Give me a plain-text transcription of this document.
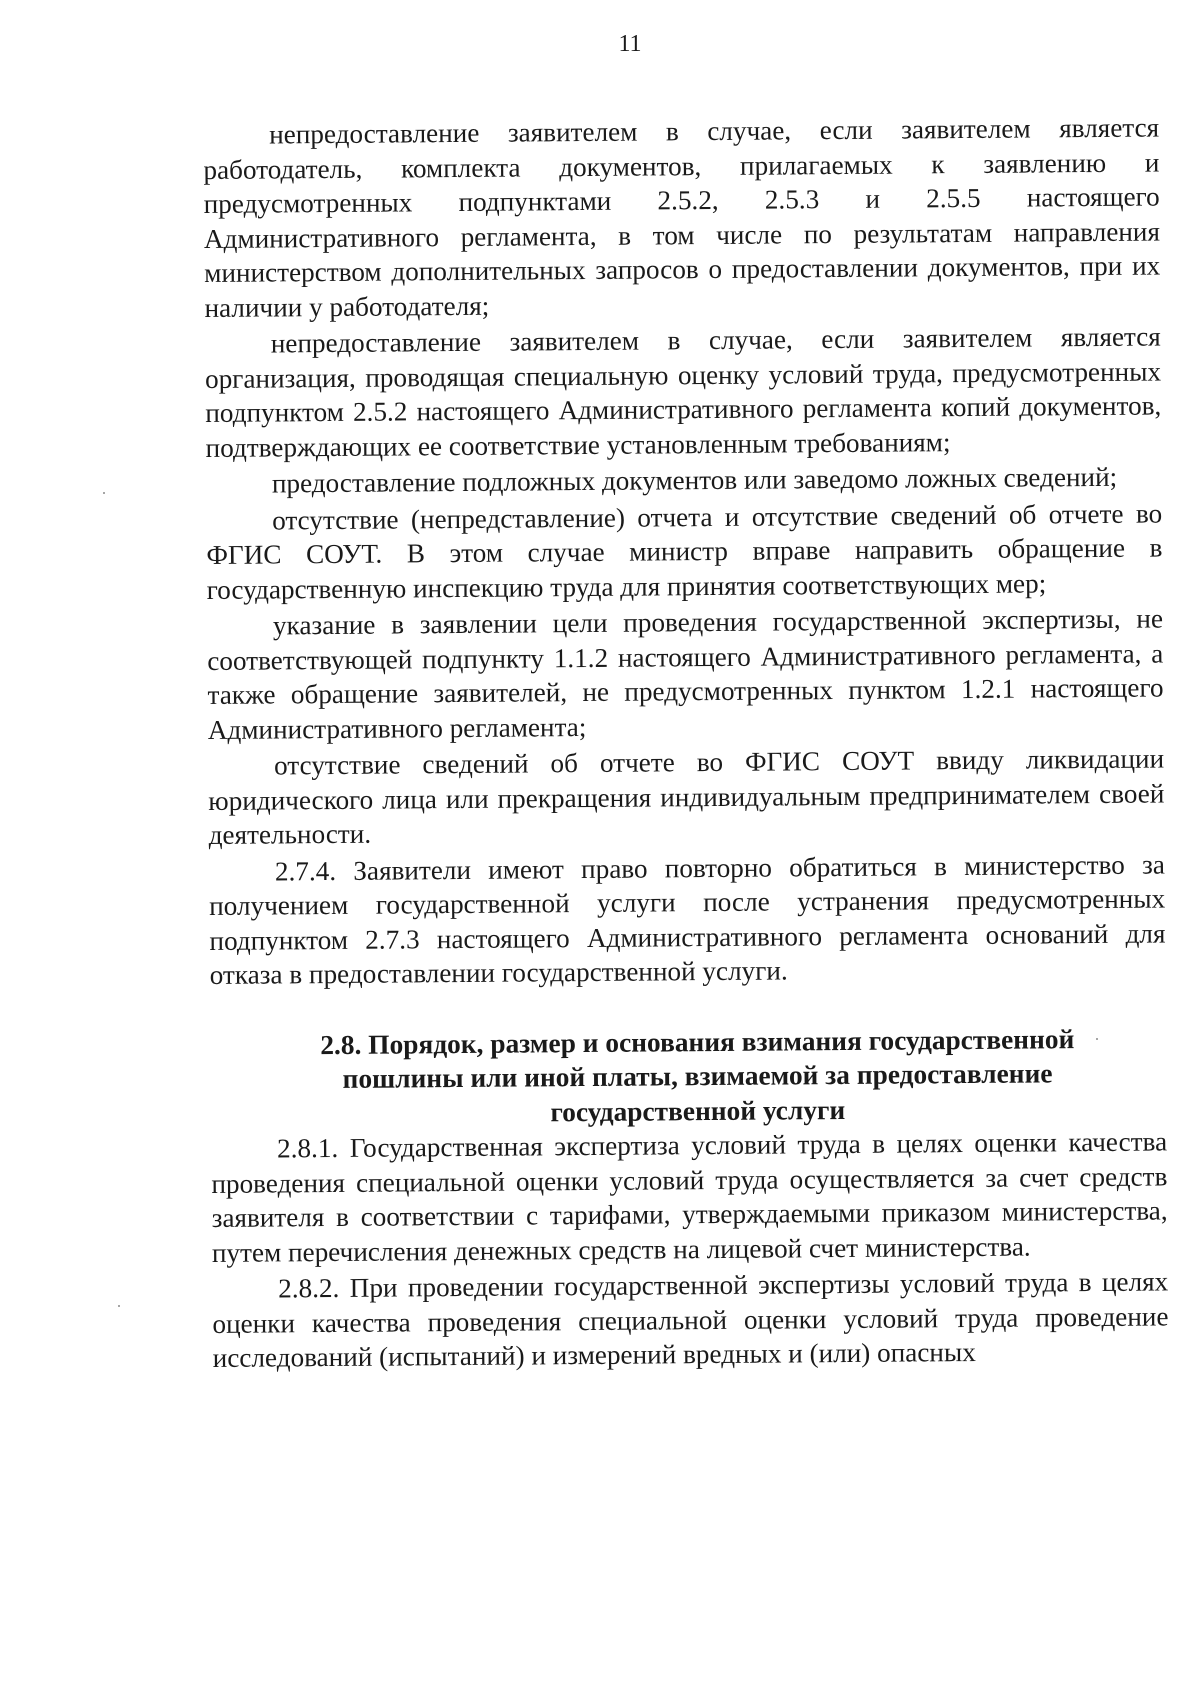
11

непредоставление заявителем в случае, если заявителем является работодатель, комплекта документов, прилагаемых к заявлению и предусмотренных подпунктами 2.5.2, 2.5.3 и 2.5.5 настоящего Административного регламента, в том числе по результатам направления министерством дополнительных запросов о предоставлении документов, при их наличии у работодателя;

непредоставление заявителем в случае, если заявителем является организация, проводящая специальную оценку условий труда, предусмотренных подпунктом 2.5.2 настоящего Административного регламента копий документов, подтверждающих ее соответствие установленным требованиям;

предоставление подложных документов или заведомо ложных сведений;

отсутствие (непредставление) отчета и отсутствие сведений об отчете во ФГИС СОУТ. В этом случае министр вправе направить обращение в государственную инспекцию труда для принятия соответствующих мер;

указание в заявлении цели проведения государственной экспертизы, не соответствующей подпункту 1.1.2 настоящего Административного регламента, а также обращение заявителей, не предусмотренных пунктом 1.2.1 настоящего Административного регламента;

отсутствие сведений об отчете во ФГИС СОУТ ввиду ликвидации юридического лица или прекращения индивидуальным предпринимателем своей деятельности.

2.7.4. Заявители имеют право повторно обратиться в министерство за получением государственной услуги после устранения предусмотренных подпунктом 2.7.3 настоящего Административного регламента оснований для отказа в предоставлении государственной услуги.

2.8. Порядок, размер и основания взимания государственной пошлины или иной платы, взимаемой за предоставление государственной услуги

2.8.1. Государственная экспертиза условий труда в целях оценки качества проведения специальной оценки условий труда осуществляется за счет средств заявителя в соответствии с тарифами, утверждаемыми приказом министерства, путем перечисления денежных средств на лицевой счет министерства.

2.8.2. При проведении государственной экспертизы условий труда в целях оценки качества проведения специальной оценки условий труда проведение исследований (испытаний) и измерений вредных и (или) опасных
